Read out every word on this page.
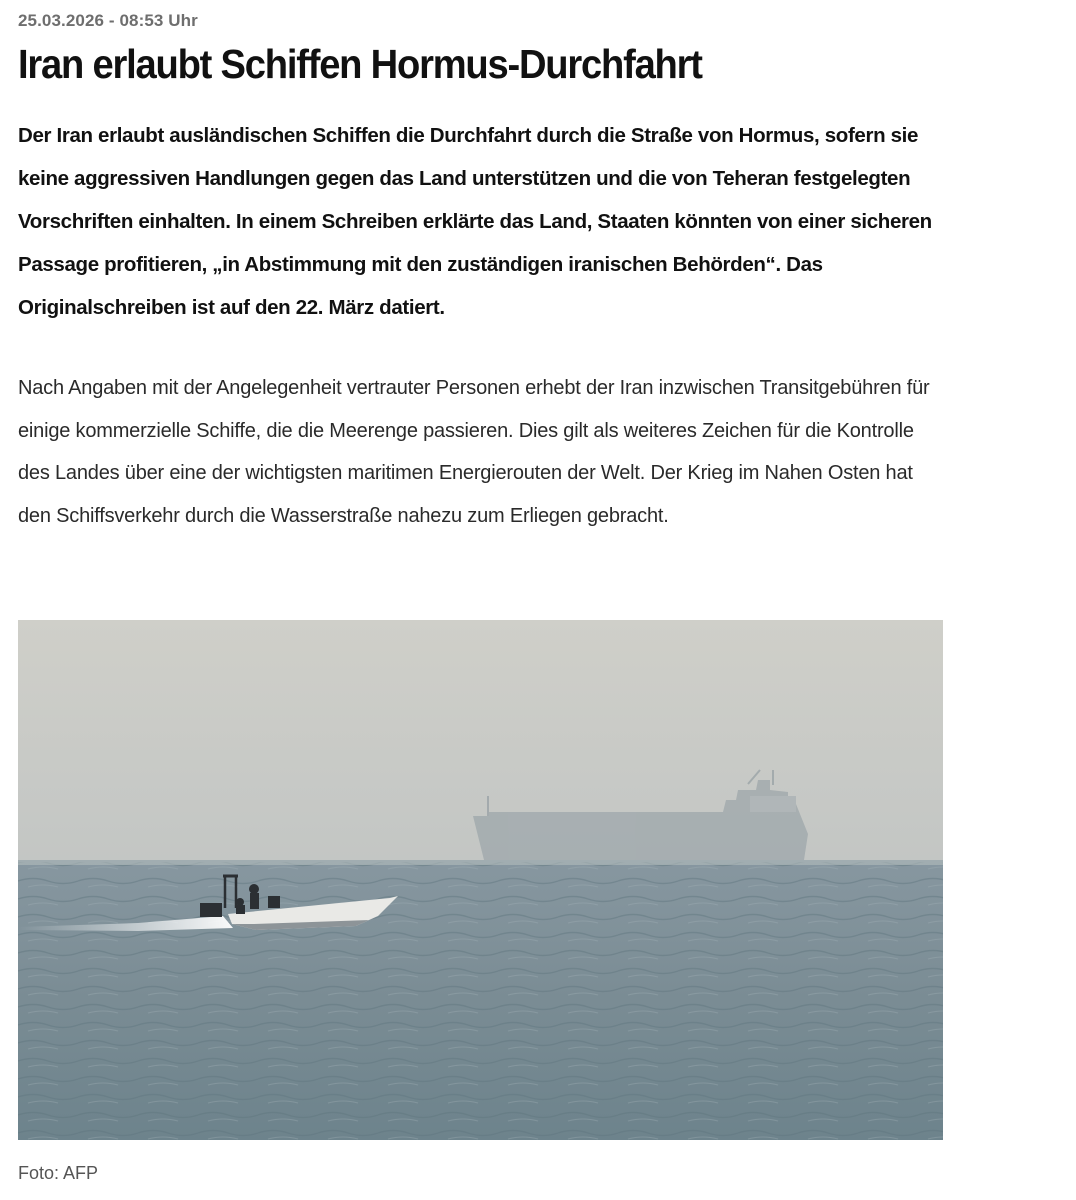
25.03.2026 - 08:53 Uhr
Iran erlaubt Schiffen Hormus-Durchfahrt

Der Iran erlaubt ausländischen Schiffen die Durchfahrt durch die Straße von Hormus, sofern sie keine aggressiven Handlungen gegen das Land unterstützen und die von Teheran festgelegten Vorschriften einhalten. In einem Schreiben erklärte das Land, Staaten könnten von einer sicheren Passage profitieren, „in Abstimmung mit den zuständigen iranischen Behörden“. Das Originalschreiben ist auf den 22. März datiert.

Nach Angaben mit der Angelegenheit vertrauter Personen erhebt der Iran inzwischen Transitgebühren für einige kommerzielle Schiffe, die die Meerenge passieren. Dies gilt als weiteres Zeichen für die Kontrolle des Landes über eine der wichtigsten maritimen Energierouten der Welt. Der Krieg im Nahen Osten hat den Schiffsverkehr durch die Wasserstraße nahezu zum Erliegen gebracht.

Foto: AFP
